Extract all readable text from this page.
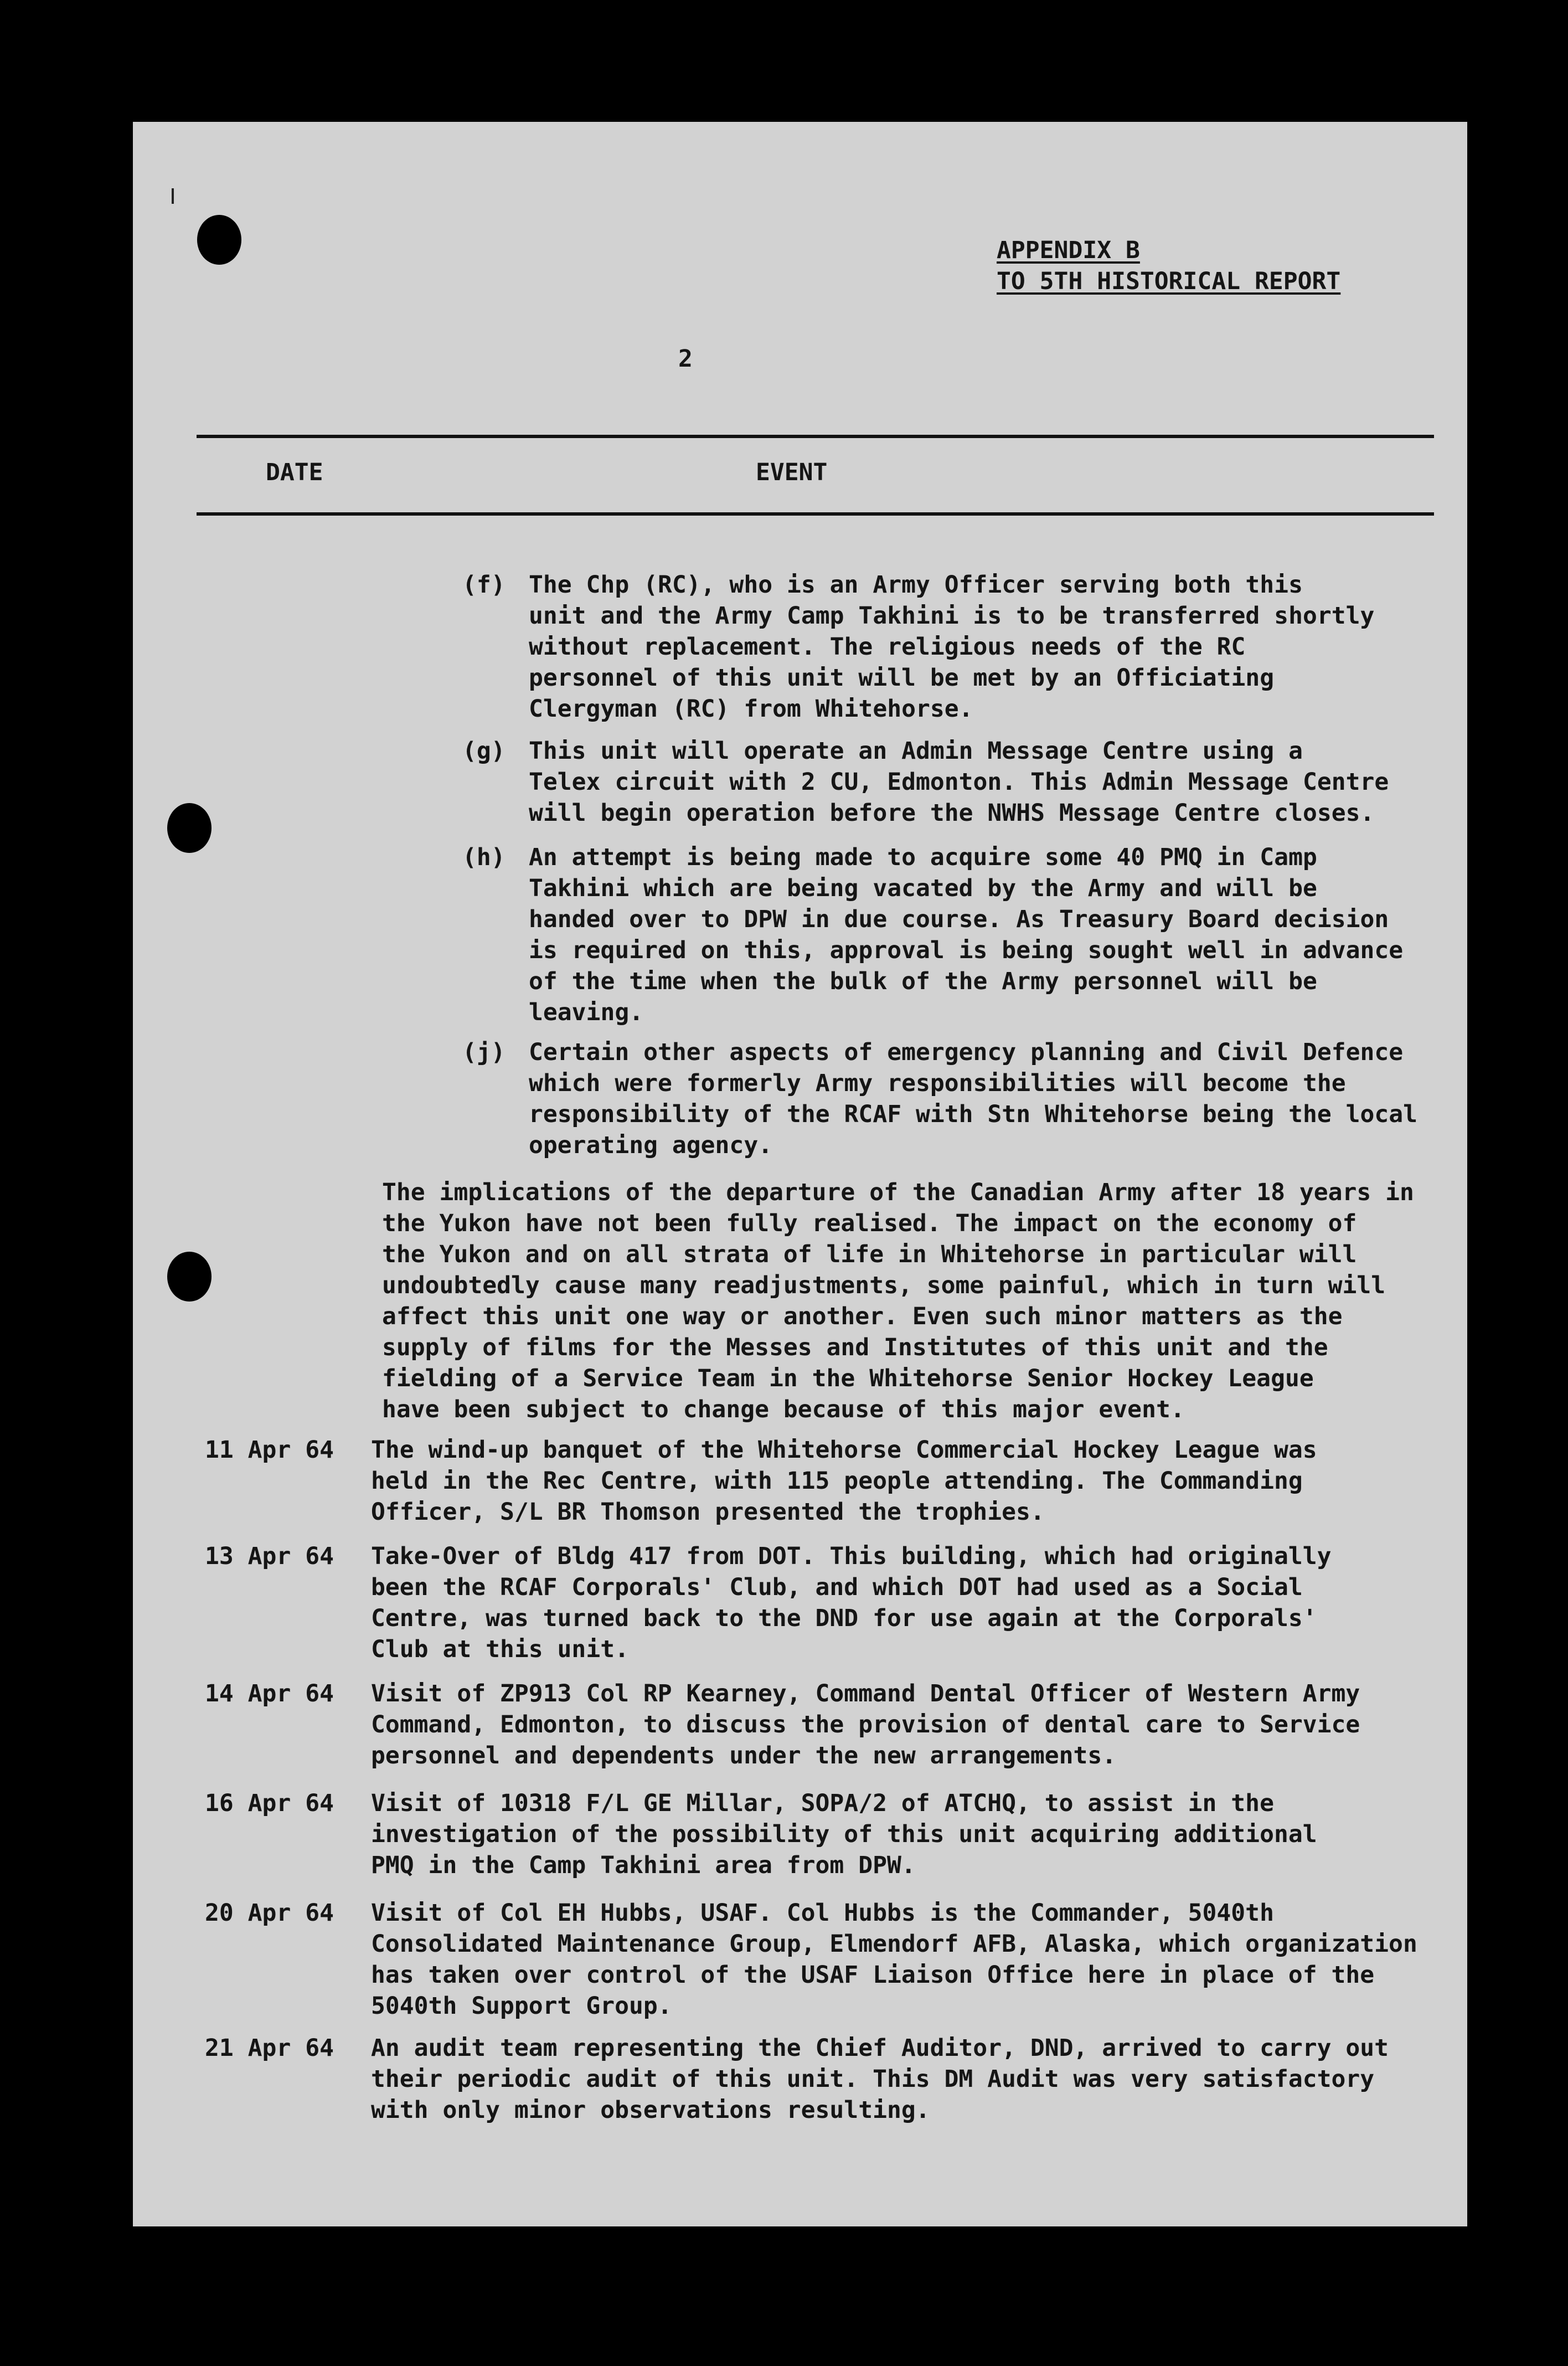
APPENDIX B
TO 5TH HISTORICAL REPORT
2
DATE	EVENT
(f) The Chp (RC), who is an Army Officer serving both this
unit and the Army Camp Takhini is to be transferred shortly
without replacement. The religious needs of the RC
personnel of this unit will be met by an Officiating
Clergyman (RC) from Whitehorse.
(g) This unit will operate an Admin Message Centre using a
Telex circuit with 2 CU, Edmonton. This Admin Message Centre
will begin operation before the NWHS Message Centre closes.
(h) An attempt is being made to acquire some 40 PMQ in Camp
Takhini which are being vacated by the Army and will be
handed over to DPW in due course. As Treasury Board decision
is required on this, approval is being sought well in advance
of the time when the bulk of the Army personnel will be
leaving.
(j) Certain other aspects of emergency planning and Civil Defence
which were formerly Army responsibilities will become the
responsibility of the RCAF with Stn Whitehorse being the local
operating agency.
The implications of the departure of the Canadian Army after 18 years in
the Yukon have not been fully realised. The impact on the economy of
the Yukon and on all strata of life in Whitehorse in particular will
undoubtedly cause many readjustments, some painful, which in turn will
affect this unit one way or another. Even such minor matters as the
supply of films for the Messes and Institutes of this unit and the
fielding of a Service Team in the Whitehorse Senior Hockey League
have been subject to change because of this major event.
11 Apr 64 The wind-up banquet of the Whitehorse Commercial Hockey League was
held in the Rec Centre, with 115 people attending. The Commanding
Officer, S/L BR Thomson presented the trophies.
13 Apr 64 Take-Over of Bldg 417 from DOT. This building, which had originally
been the RCAF Corporals' Club, and which DOT had used as a Social
Centre, was turned back to the DND for use again at the Corporals'
Club at this unit.
14 Apr 64 Visit of ZP913 Col RP Kearney, Command Dental Officer of Western Army
Command, Edmonton, to discuss the provision of dental care to Service
personnel and dependents under the new arrangements.
16 Apr 64 Visit of 10318 F/L GE Millar, SOPA/2 of ATCHQ, to assist in the
investigation of the possibility of this unit acquiring additional
PMQ in the Camp Takhini area from DPW.
20 Apr 64 Visit of Col EH Hubbs, USAF. Col Hubbs is the Commander, 5040th
Consolidated Maintenance Group, Elmendorf AFB, Alaska, which organization
has taken over control of the USAF Liaison Office here in place of the
5040th Support Group.
21 Apr 64 An audit team representing the Chief Auditor, DND, arrived to carry out
their periodic audit of this unit. This DM Audit was very satisfactory
with only minor observations resulting.
